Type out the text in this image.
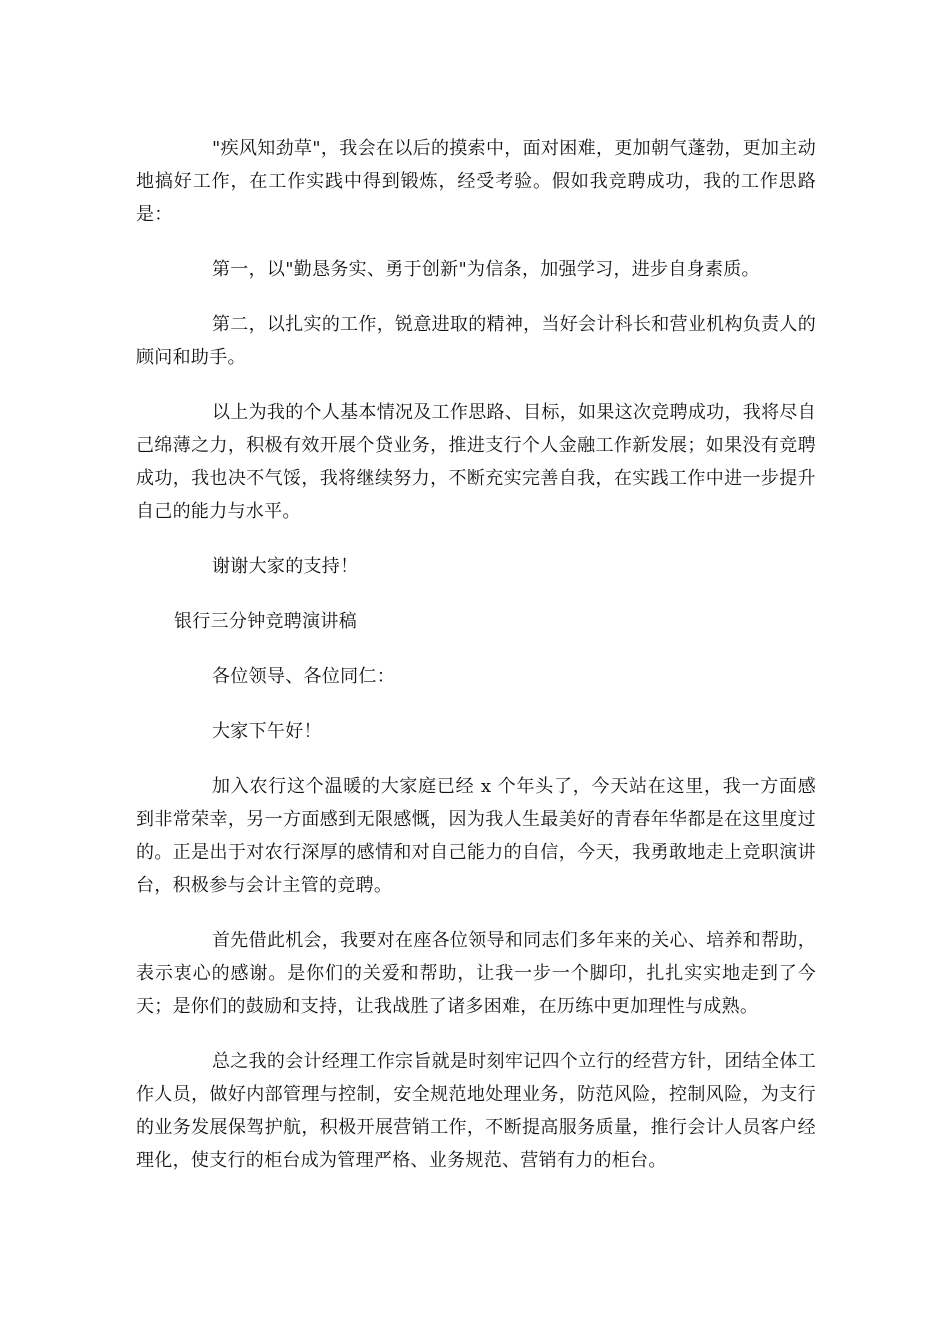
"疾风知劲草"，我会在以后的摸索中，面对困难，更加朝气蓬勃，更加主动地搞好工作，在工作实践中得到锻炼，经受考验。假如我竞聘成功，我的工作思路是：

第一，以"勤恳务实、勇于创新"为信条，加强学习，进步自身素质。

第二，以扎实的工作，锐意进取的精神，当好会计科长和营业机构负责人的顾问和助手。

以上为我的个人基本情况及工作思路、目标，如果这次竞聘成功，我将尽自己绵薄之力，积极有效开展个贷业务，推进支行个人金融工作新发展；如果没有竞聘成功，我也决不气馁，我将继续努力，不断充实完善自我，在实践工作中进一步提升自己的能力与水平。

谢谢大家的支持！

银行三分钟竞聘演讲稿

各位领导、各位同仁：

大家下午好！

加入农行这个温暖的大家庭已经 x 个年头了，今天站在这里，我一方面感到非常荣幸，另一方面感到无限感慨，因为我人生最美好的青春年华都是在这里度过的。正是出于对农行深厚的感情和对自己能力的自信，今天，我勇敢地走上竞职演讲台，积极参与会计主管的竞聘。

首先借此机会，我要对在座各位领导和同志们多年来的关心、培养和帮助，表示衷心的感谢。是你们的关爱和帮助，让我一步一个脚印，扎扎实实地走到了今天；是你们的鼓励和支持，让我战胜了诸多困难，在历练中更加理性与成熟。

总之我的会计经理工作宗旨就是时刻牢记四个立行的经营方针，团结全体工作人员，做好内部管理与控制，安全规范地处理业务，防范风险，控制风险，为支行的业务发展保驾护航，积极开展营销工作，不断提高服务质量，推行会计人员客户经理化，使支行的柜台成为管理严格、业务规范、营销有力的柜台。
